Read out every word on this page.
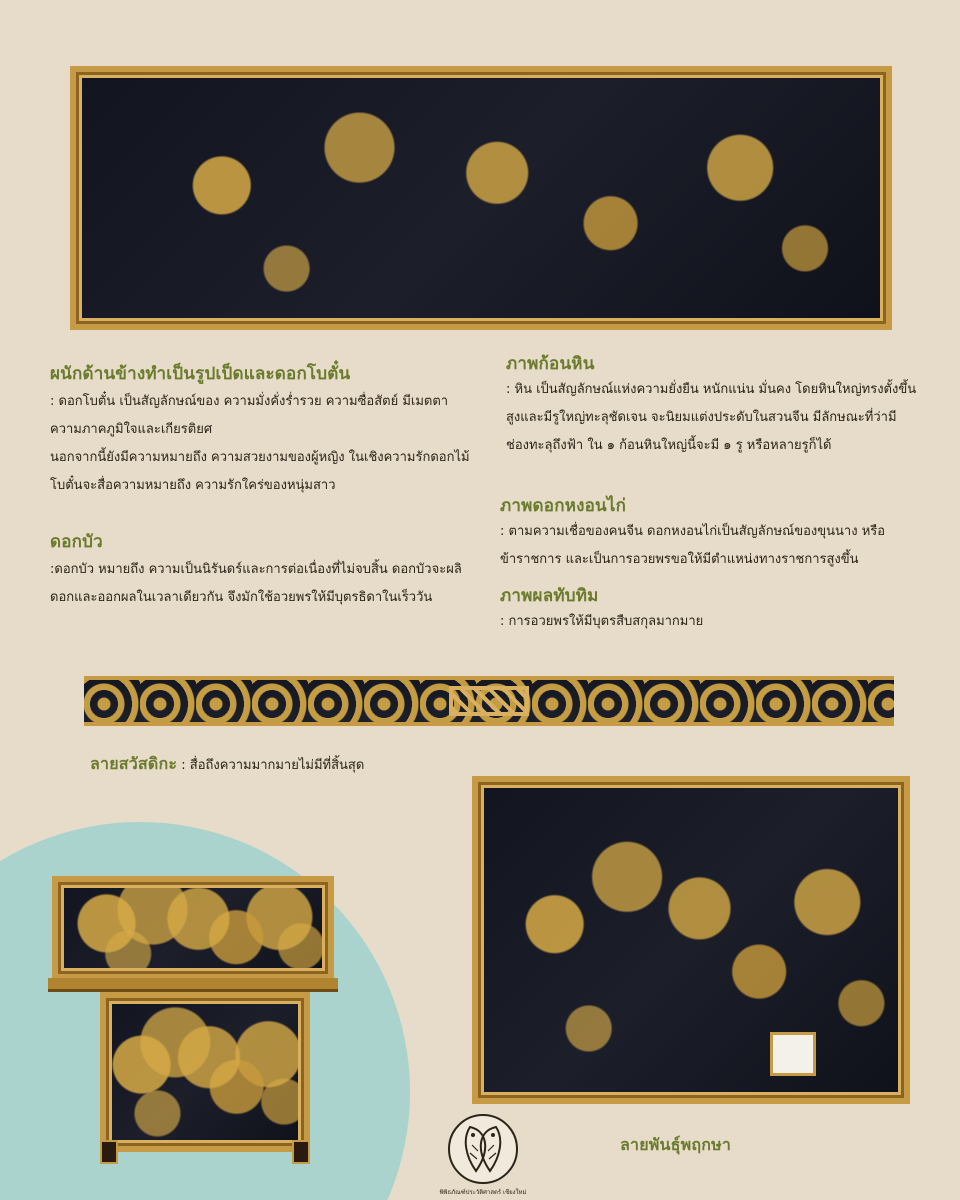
ผนักด้านข้างทำเป็นรูปเป็ดและดอกโบตั๋น
: ดอกโบตั๋น เป็นสัญลักษณ์ของ ความมั่งคั่งร่ำรวย ความซื่อสัตย์ มีเมตตา ความภาคภูมิใจและเกียรติยศ
นอกจากนี้ยังมีความหมายถึง ความสวยงามของผู้หญิง ในเชิงความรักดอกไม้โบตั๋นจะสื่อความหมายถึง ความรักใคร่ของหนุ่มสาว
ดอกบัว
:ดอกบัว หมายถึง ความเป็นนิรันดร์และการต่อเนื่องที่ไม่จบสิ้น ดอกบัวจะผลิดอกและออกผลในเวลาเดียวกัน จึงมักใช้อวยพรให้มีบุตรธิดาในเร็ววัน
ภาพก้อนหิน
: หิน เป็นสัญลักษณ์แห่งความยั่งยืน หนักแน่น มั่นคง โดยหินใหญ่ทรงตั้งขึ้นสูงและมีรูใหญ่ทะลุชัดเจน จะนิยมแต่งประดับในสวนจีน มีลักษณะที่ว่ามีช่องทะลุถึงฟ้า ใน ๑ ก้อนหินใหญ่นี้จะมี ๑ รู หรือหลายรูก็ได้
ภาพดอกหงอนไก่
: ตามความเชื่อของคนจีน ดอกหงอนไก่เป็นสัญลักษณ์ของขุนนาง หรือข้าราชการ และเป็นการอวยพรขอให้มีตำแหน่งทางราชการสูงขึ้น
ภาพผลทับทิม
: การอวยพรให้มีบุตรสืบสกุลมากมาย
ลายสวัสดิกะ : สื่อถึงความมากมายไม่มีที่สิ้นสุด
ลายพันธุ์พฤกษา
พิพิธภัณฑ์ประวัติศาสตร์ เชียงใหม่
